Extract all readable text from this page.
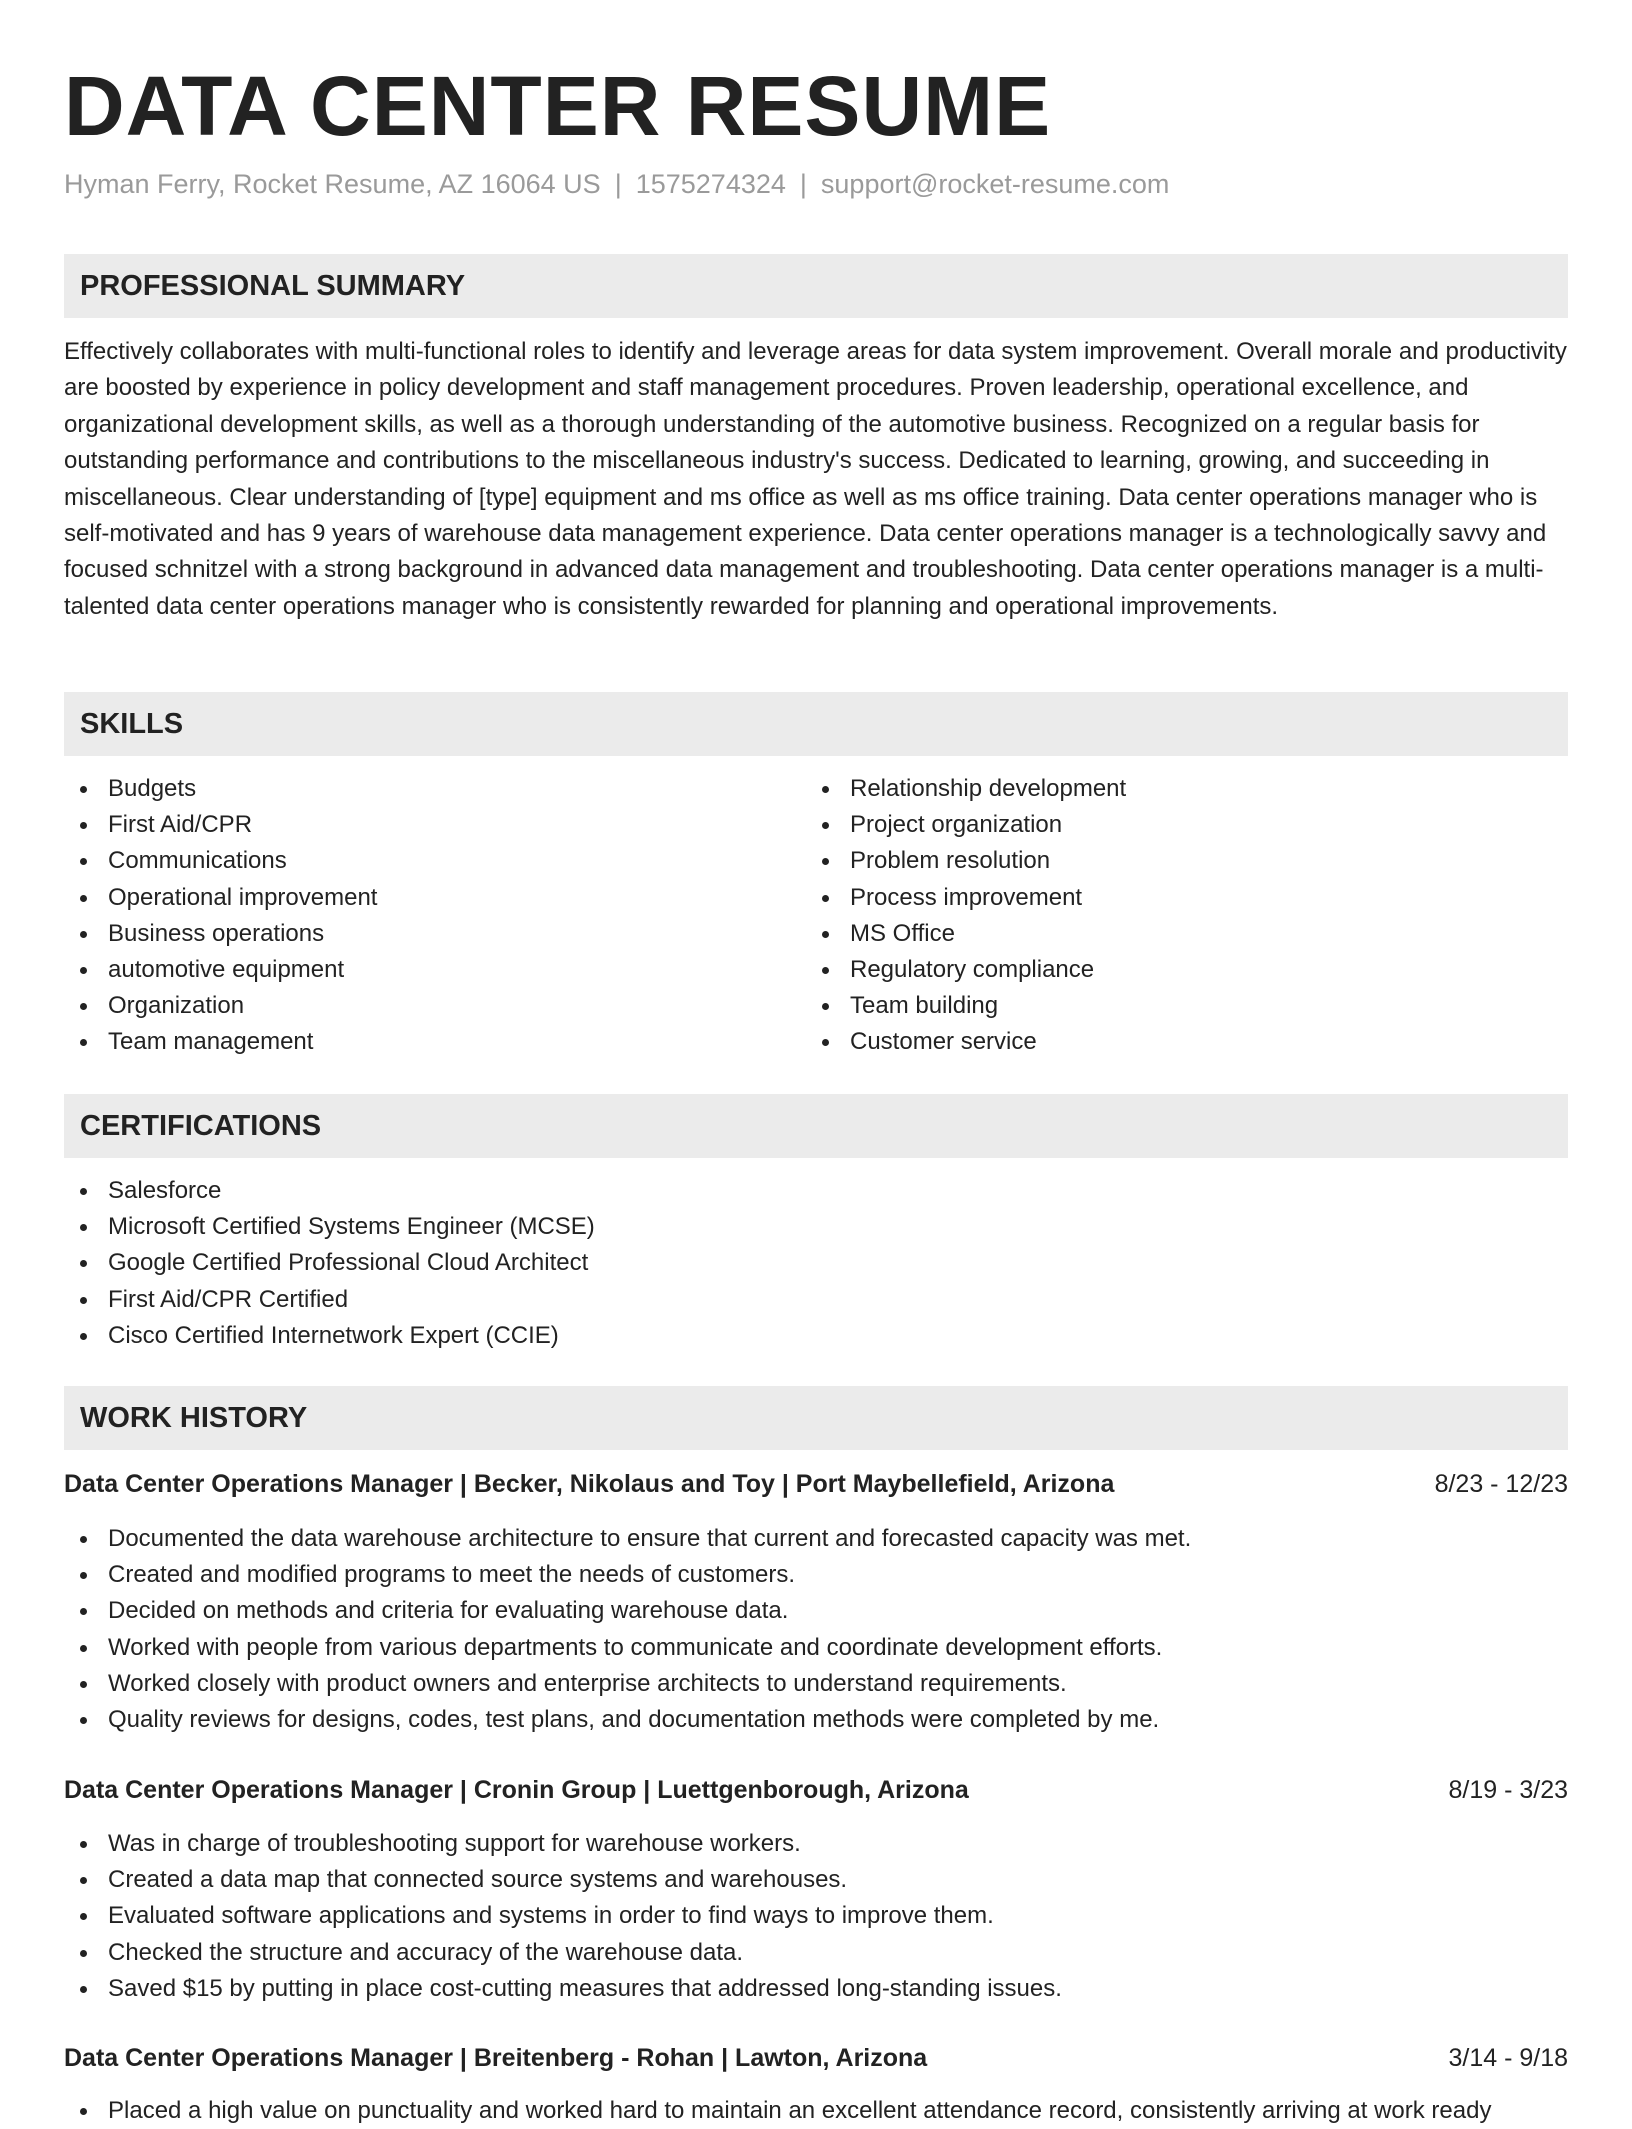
DATA CENTER RESUME
Hyman Ferry, Rocket Resume, AZ 16064 US | 1575274324 | support@rocket-resume.com
PROFESSIONAL SUMMARY

Effectively collaborates with multi-functional roles to identify and leverage areas for data system improvement. Overall morale and productivity are boosted by experience in policy development and staff management procedures. Proven leadership, operational excellence, and organizational development skills, as well as a thorough understanding of the automotive business. Recognized on a regular basis for outstanding performance and contributions to the miscellaneous industry's success. Dedicated to learning, growing, and succeeding in miscellaneous. Clear understanding of [type] equipment and ms office as well as ms office training. Data center operations manager who is self-motivated and has 9 years of warehouse data management experience. Data center operations manager is a technologically savvy and focused schnitzel with a strong background in advanced data management and troubleshooting. Data center operations manager is a multi-talented data center operations manager who is consistently rewarded for planning and operational improvements.

SKILLS
Budgets
First Aid/CPR
Communications
Operational improvement
Business operations
automotive equipment
Organization
Team management
Relationship development
Project organization
Problem resolution
Process improvement
MS Office
Regulatory compliance
Team building
Customer service
CERTIFICATIONS
Salesforce
Microsoft Certified Systems Engineer (MCSE)
Google Certified Professional Cloud Architect
First Aid/CPR Certified
Cisco Certified Internetwork Expert (CCIE)
WORK HISTORY
Data Center Operations Manager | Becker, Nikolaus and Toy | Port Maybellefield, Arizona	8/23 - 12/23
Documented the data warehouse architecture to ensure that current and forecasted capacity was met.
Created and modified programs to meet the needs of customers.
Decided on methods and criteria for evaluating warehouse data.
Worked with people from various departments to communicate and coordinate development efforts.
Worked closely with product owners and enterprise architects to understand requirements.
Quality reviews for designs, codes, test plans, and documentation methods were completed by me.
Data Center Operations Manager | Cronin Group | Luettgenborough, Arizona	8/19 - 3/23
Was in charge of troubleshooting support for warehouse workers.
Created a data map that connected source systems and warehouses.
Evaluated software applications and systems in order to find ways to improve them.
Checked the structure and accuracy of the warehouse data.
Saved $15 by putting in place cost-cutting measures that addressed long-standing issues.
Data Center Operations Manager | Breitenberg - Rohan | Lawton, Arizona	3/14 - 9/18
Placed a high value on punctuality and worked hard to maintain an excellent attendance record, consistently arriving at work ready
